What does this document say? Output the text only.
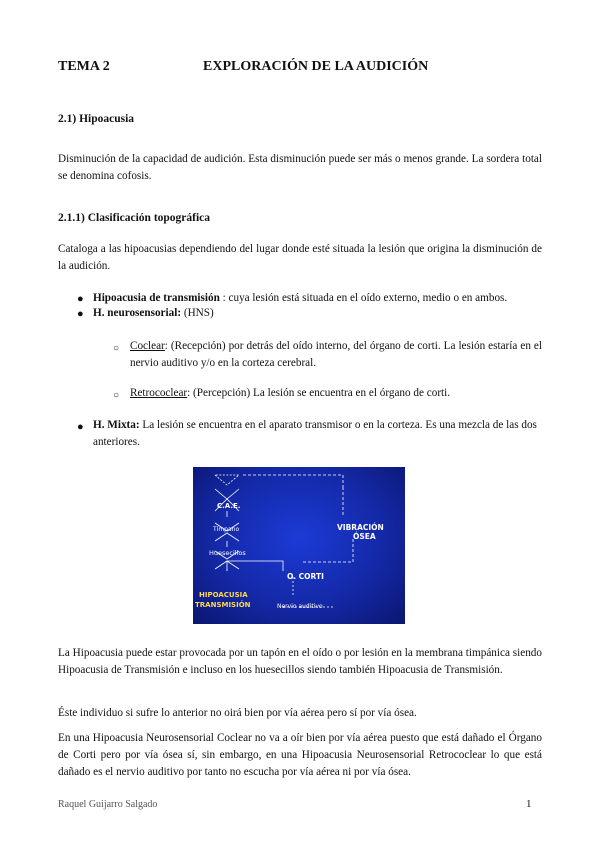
TEMA 2	EXPLORACIÓN DE LA AUDICIÓN
2.1) Hipoacusia

Disminución de la capacidad de audición. Esta disminución puede ser más o menos grande. La sordera total se denomina cofosis.

2.1.1) Clasificación topográfica

Cataloga a las hipoacusias dependiendo del lugar donde esté situada la lesión que origina la disminución de la audición.

● Hipoacusia de transmisión : cuya lesión está situada en el oído externo, medio o en ambos.

● H. neurosensorial: (HNS)

○ Coclear: (Recepción) por detrás del oído interno, del órgano de corti. La lesión estaría en el nervio auditivo y/o en la corteza cerebral.

○ Retrococlear: (Percepción) La lesión se encuentra en el órgano de corti.

● H. Mixta: La lesión se encuentra en el aparato transmisor o en la corteza. Es una mezcla de las dos anteriores.

C.A.E.
Tímpano
Huesecillos
VIBRACIÓN
ÓSEA
O. CORTI
HIPOACUSIA
TRANSMISIÓN	Nervio auditivo

La Hipoacusia puede estar provocada por un tapón en el oído o por lesión en la membrana timpánica siendo Hipoacusia de Transmisión e incluso en los huesecillos siendo también Hipoacusia de Transmisión.

Éste individuo si sufre lo anterior no oirá bien por vía aérea pero sí por vía ósea.

En una Hipoacusia Neurosensorial Coclear no va a oír bien por vía aérea puesto que está dañado el Órgano de Corti pero por vía ósea sí, sin embargo, en una Hipoacusia Neurosensorial Retrococlear lo que está dañado es el nervio auditivo por tanto no escucha por vía aérea ni por vía ósea.

Raquel Guijarro Salgado	1
